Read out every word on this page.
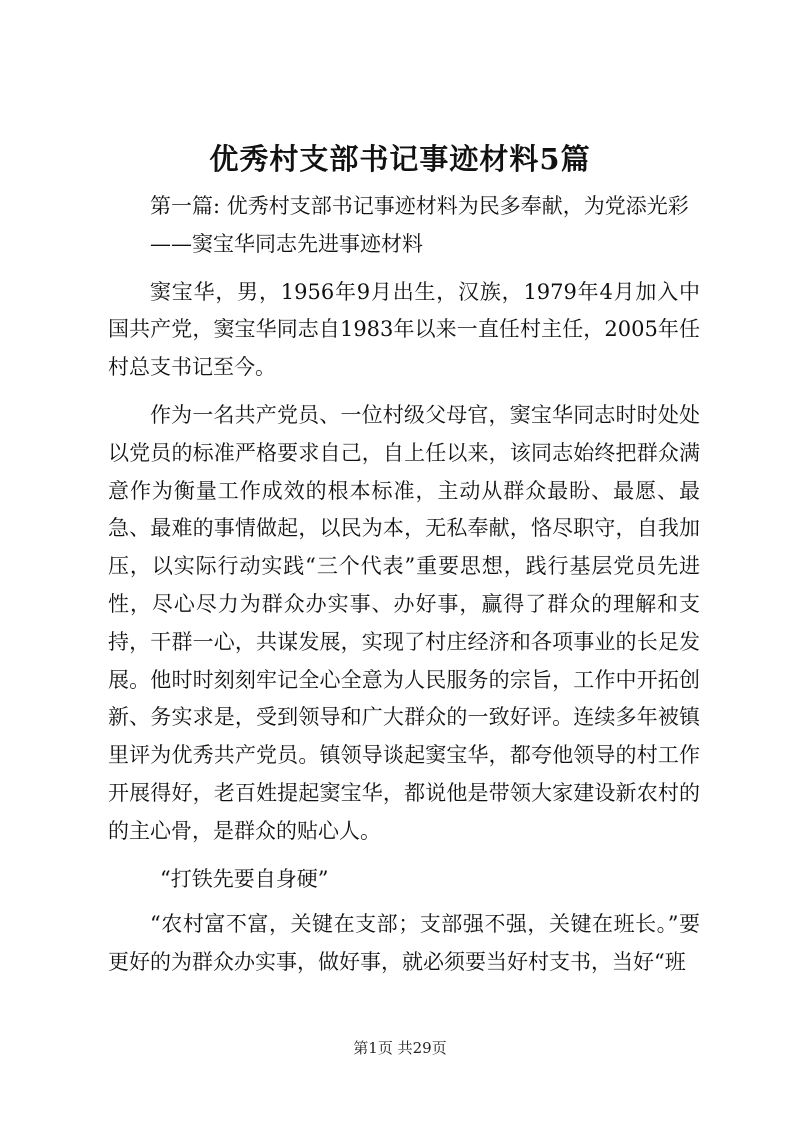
优秀村支部书记事迹材料5篇

第一篇: 优秀村支部书记事迹材料为民多奉献，为党添光彩

——窦宝华同志先进事迹材料

窦宝华，男，1956年9月出生，汉族，1979年4月加入中国共产党，窦宝华同志自1983年以来一直任村主任，2005年任村总支书记至今。

作为一名共产党员、一位村级父母官，窦宝华同志时时处处以党员的标准严格要求自己，自上任以来，该同志始终把群众满意作为衡量工作成效的根本标准，主动从群众最盼、最愿、最急、最难的事情做起，以民为本，无私奉献，恪尽职守，自我加压，以实际行动实践“三个代表”重要思想，践行基层党员先进性，尽心尽力为群众办实事、办好事，赢得了群众的理解和支持，干群一心，共谋发展，实现了村庄经济和各项事业的长足发展。他时时刻刻牢记全心全意为人民服务的宗旨，工作中开拓创新、务实求是，受到领导和广大群众的一致好评。连续多年被镇里评为优秀共产党员。镇领导谈起窦宝华，都夸他领导的村工作开展得好，老百姓提起窦宝华，都说他是带领大家建设新农村的的主心骨，是群众的贴心人。

“打铁先要自身硬”

“农村富不富，关键在支部；支部强不强，关键在班长。”要更好的为群众办实事，做好事，就必须要当好村支书，当好“班

第1页 共29页
